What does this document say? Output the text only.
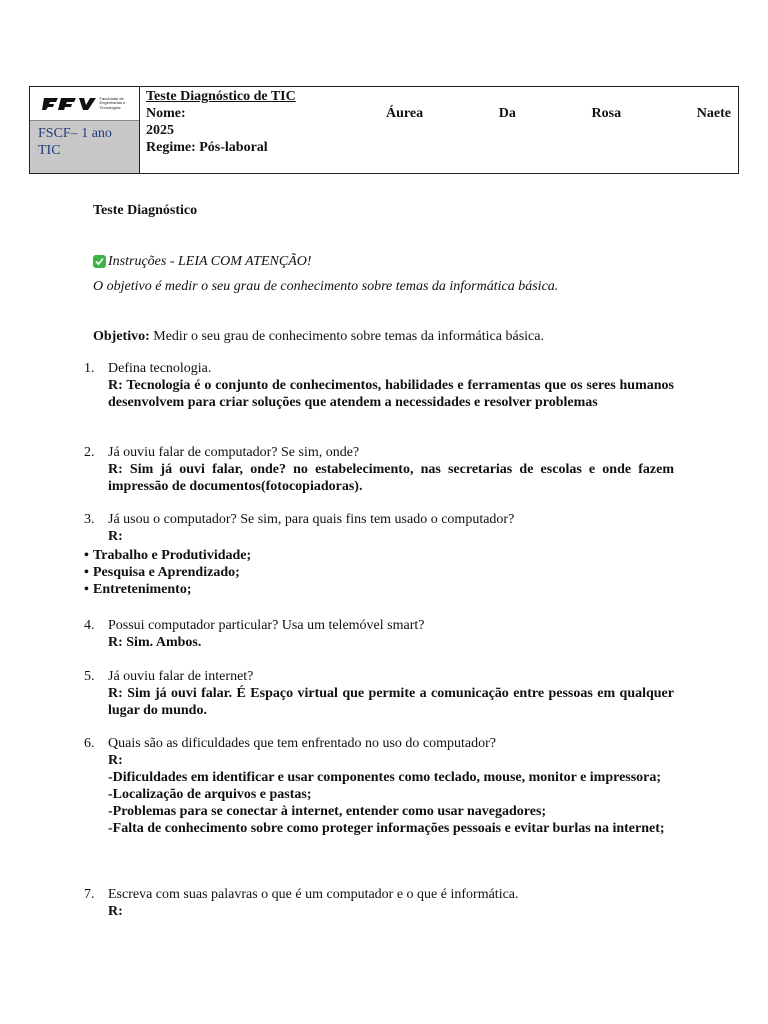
Faculdade de Engenharias e Tecnologias
FSCF– 1 ano TIC
Teste Diagnóstico de TIC
Nome:	Áurea	Da	Rosa	Naete
2025
Regime: Pós-laboral
Teste Diagnóstico
Instruções - LEIA COM ATENÇÃO!
O objetivo é medir o seu grau de conhecimento sobre temas da informática básica.
Objetivo: Medir o seu grau de conhecimento sobre temas da informática básica.
1. Defina tecnologia.
R: Tecnologia é o conjunto de conhecimentos, habilidades e ferramentas que os seres humanos desenvolvem para criar soluções que atendem a necessidades e resolver problemas
2. Já ouviu falar de computador? Se sim, onde?
R: Sim já ouvi falar, onde? no estabelecimento, nas secretarias de escolas e onde fazem impressão de documentos(fotocopiadoras).
3. Já usou o computador? Se sim, para quais fins tem usado o computador?
R:
• Trabalho e Produtividade;
• Pesquisa e Aprendizado;
• Entretenimento;
4. Possui computador particular? Usa um telemóvel smart?
R: Sim. Ambos.
5. Já ouviu falar de internet?
R: Sim já ouvi falar. É Espaço virtual que permite a comunicação entre pessoas em qualquer lugar do mundo.
6. Quais são as dificuldades que tem enfrentado no uso do computador?
R:
-Dificuldades em identificar e usar componentes como teclado, mouse, monitor e impressora;
-Localização de arquivos e pastas;
-Problemas para se conectar à internet, entender como usar navegadores;
-Falta de conhecimento sobre como proteger informações pessoais e evitar burlas na internet;
7. Escreva com suas palavras o que é um computador e o que é informática.
R:
